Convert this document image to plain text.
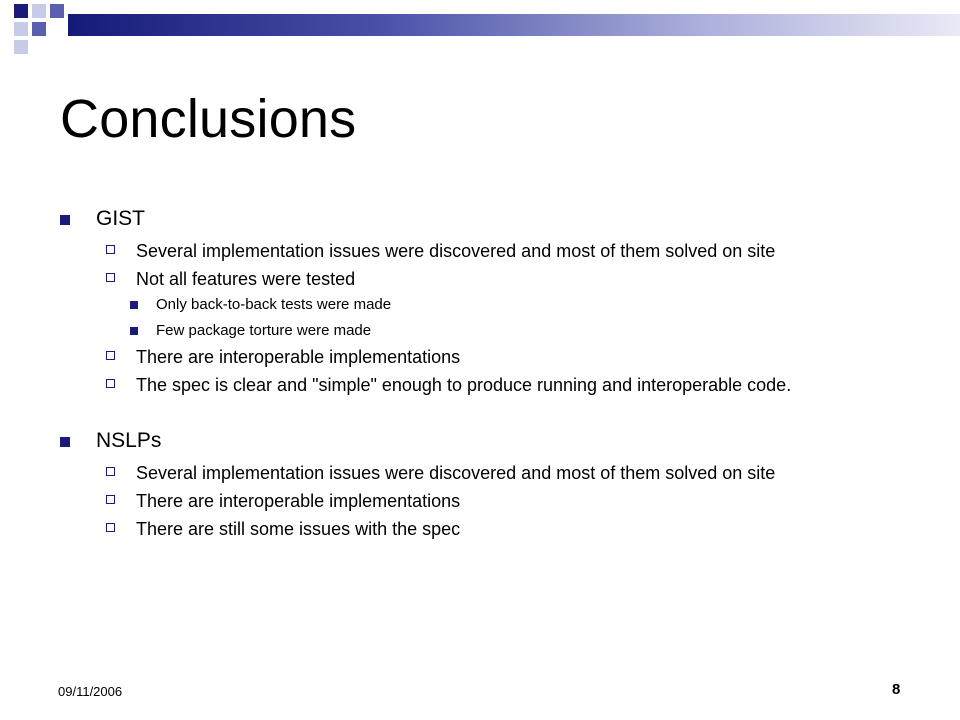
Conclusions
GIST
Several implementation issues were discovered and most of them solved on site
Not all features were tested
Only back-to-back tests were made
Few package torture were made
There are interoperable implementations
The spec is clear and "simple" enough to produce running and interoperable code.
NSLPs
Several implementation issues were discovered and most of them solved on site
There are interoperable implementations
There are still some issues with the spec
09/11/2006	8
